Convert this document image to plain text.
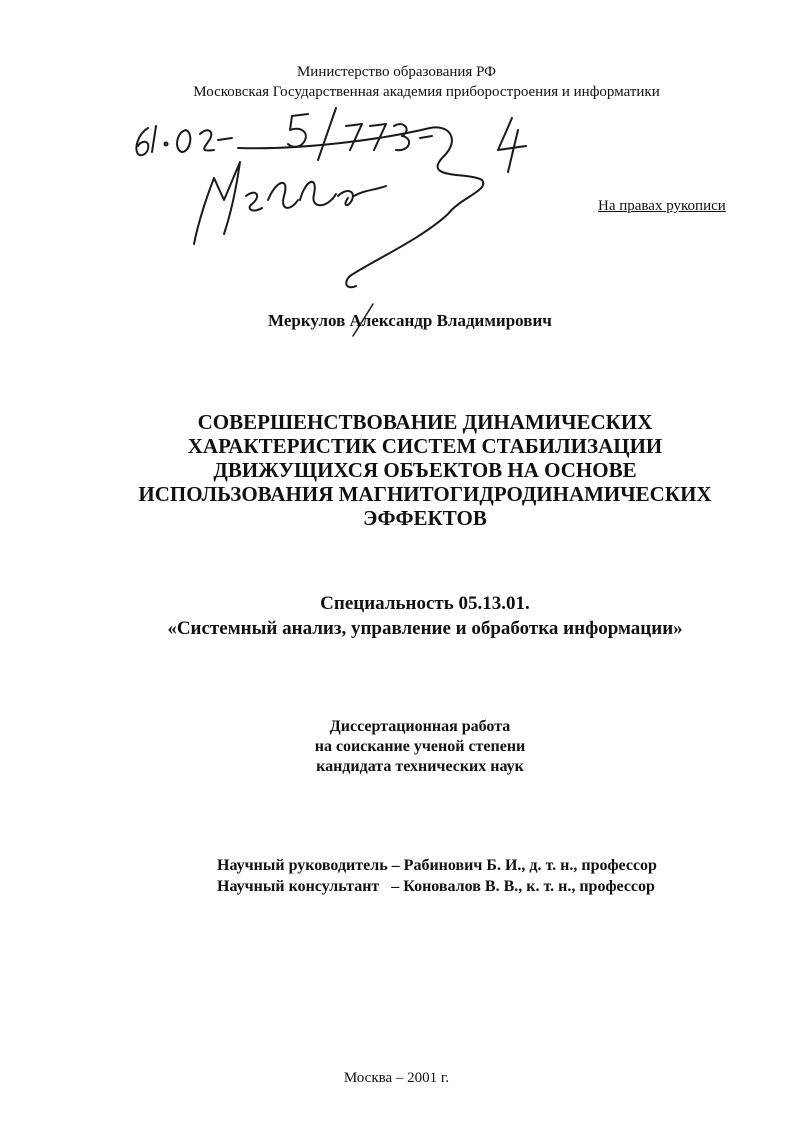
Министерство образования РФ
Московская Государственная академия приборостроения и информатики
На правах рукописи
Меркулов Александр Владимирович
СОВЕРШЕНСТВОВАНИЕ ДИНАМИЧЕСКИХ
ХАРАКТЕРИСТИК СИСТЕМ СТАБИЛИЗАЦИИ
ДВИЖУЩИХСЯ ОБЪЕКТОВ НА ОСНОВЕ
ИСПОЛЬЗОВАНИЯ МАГНИТОГИДРОДИНАМИЧЕСКИХ
ЭФФЕКТОВ
Специальность 05.13.01.
«Системный анализ, управление и обработка информации»
Диссертационная работа
на соискание ученой степени
кандидата технических наук
Научный руководитель – Рабинович Б. И., д. т. н., профессор
Научный консультант   – Коновалов В. В., к. т. н., профессор
Москва – 2001 г.
